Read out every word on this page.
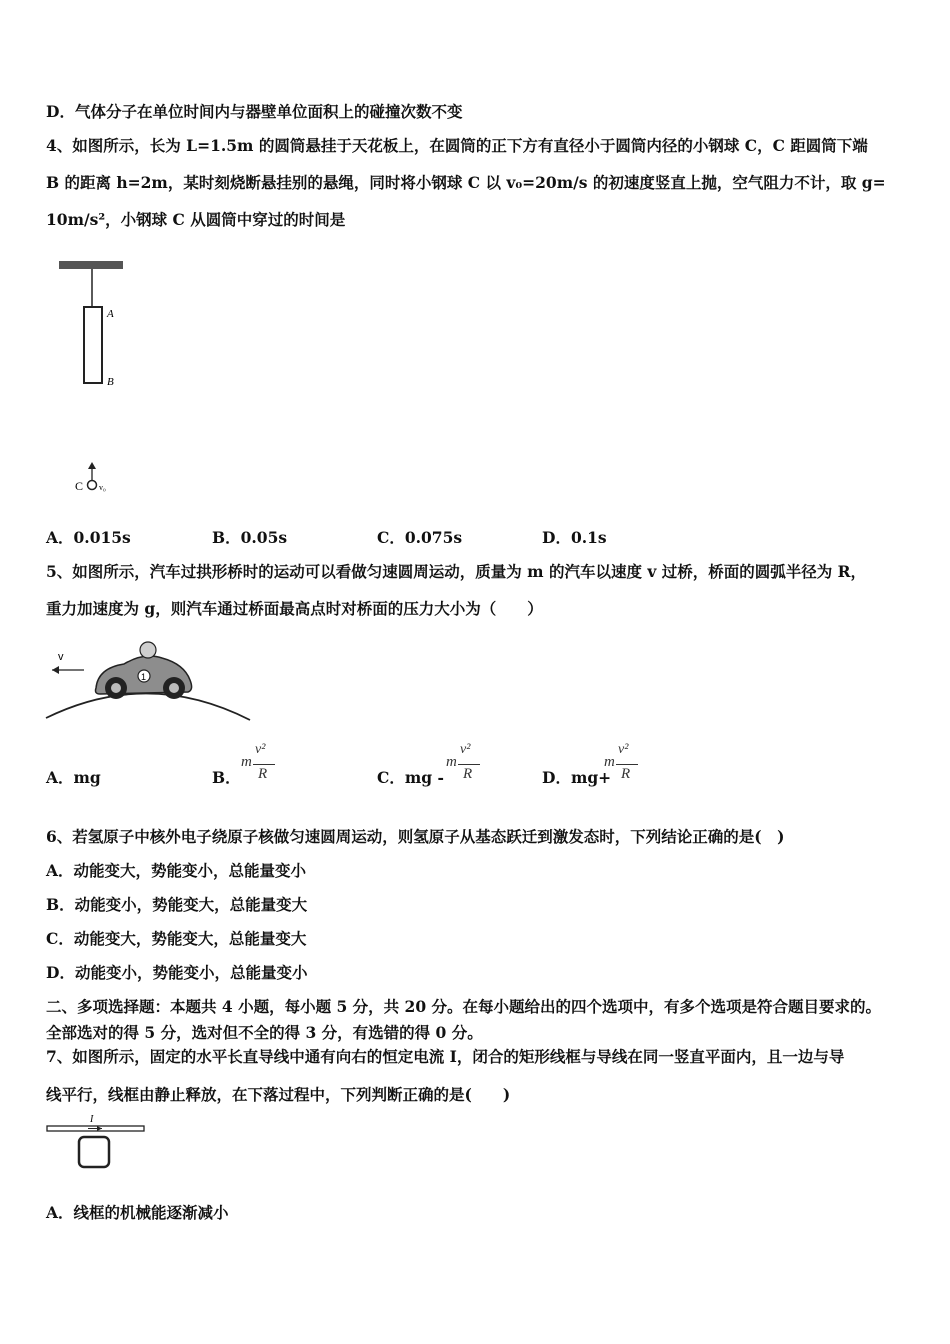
D．气体分子在单位时间内与器壁单位面积上的碰撞次数不变
4、如图所示，长为 L=1.5m 的圆筒悬挂于天花板上，在圆筒的正下方有直径小于圆筒内径的小钢球 C，C 距圆筒下端
B 的距离 h=2m，某时刻烧断悬挂别的悬绳，同时将小钢球 C 以 v₀=20m/s 的初速度竖直上抛，空气阻力不计，取 g=
10m/s²，小钢球 C 从圆筒中穿过的时间是
A
B
C v₀
A．0.015s	B．0.05s	C．0.075s	D．0.1s
5、如图所示，汽车过拱形桥时的运动可以看做匀速圆周运动，质量为 m 的汽车以速度 v 过桥，桥面的圆弧半径为 R，
重力加速度为 g，则汽车通过桥面最高点时对桥面的压力大小为（　　）
v
1
A．mg	B．
m
v²
R	C．mg -
m
v²
R	D．mg+
m
v²
R
6、若氢原子中核外电子绕原子核做匀速圆周运动，则氢原子从基态跃迁到激发态时，下列结论正确的是(　)
A．动能变大，势能变小，总能量变小
B．动能变小，势能变大，总能量变大
C．动能变大，势能变大，总能量变大
D．动能变小，势能变小，总能量变小
二、多项选择题：本题共 4 小题，每小题 5 分，共 20 分。在每小题给出的四个选项中，有多个选项是符合题目要求的。
全部选对的得 5 分，选对但不全的得 3 分，有选错的得 0 分。
7、如图所示，固定的水平长直导线中通有向右的恒定电流 I，闭合的矩形线框与导线在同一竖直平面内，且一边与导
线平行，线框由静止释放，在下落过程中，下列判断正确的是(　　)
I
A．线框的机械能逐渐减小
